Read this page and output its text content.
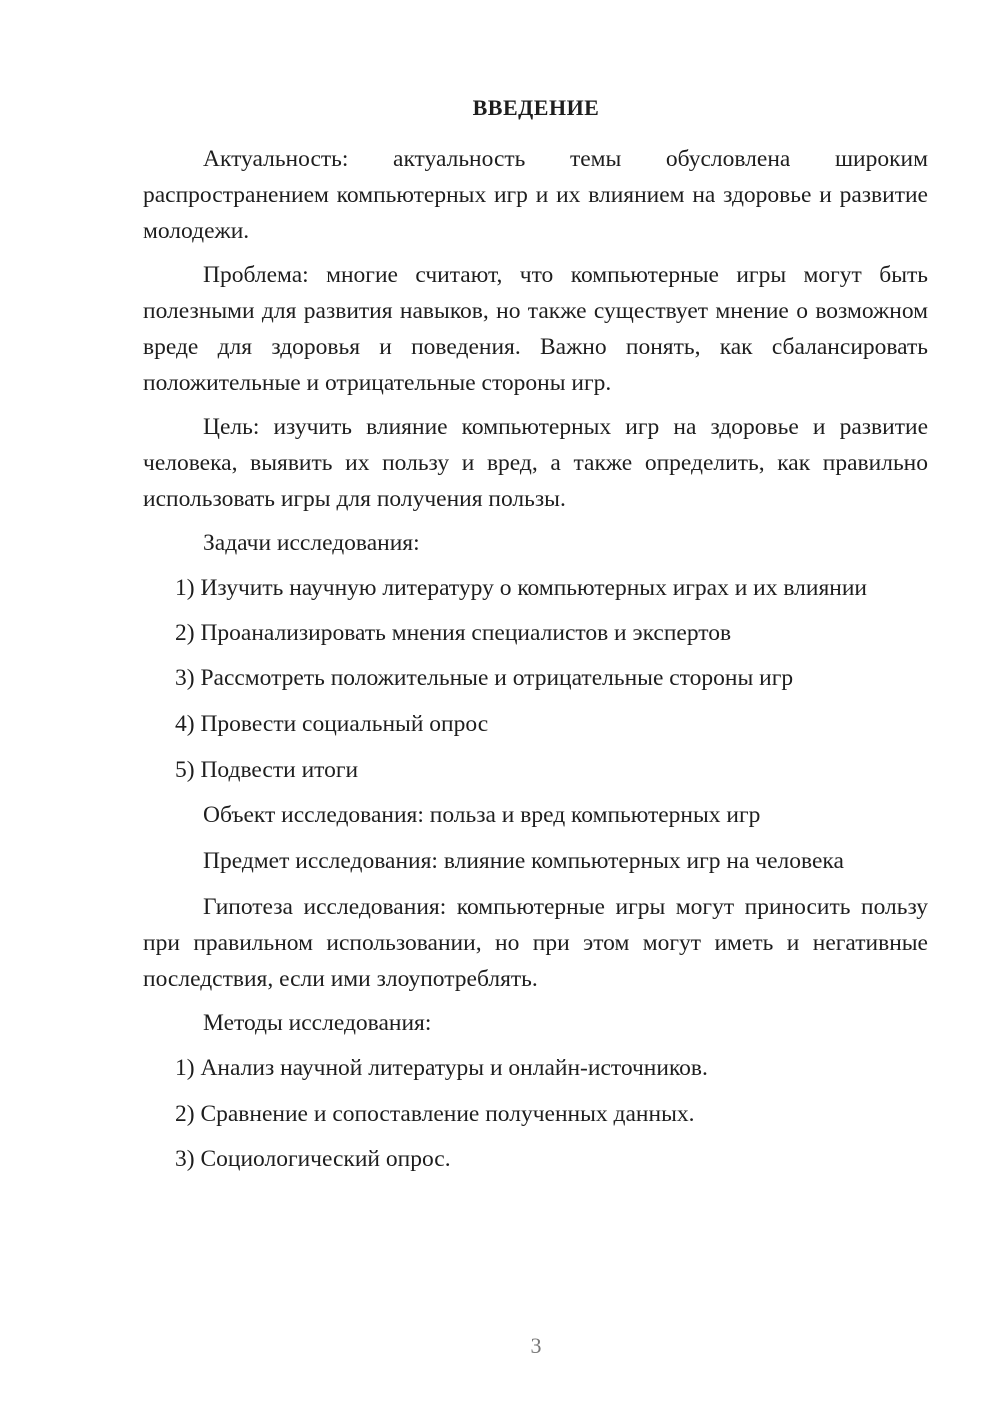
ВВЕДЕНИЕ

Актуальность: актуальность темы обусловлена широким распространением компьютерных игр и их влиянием на здоровье и развитие молодежи.

Проблема: многие считают, что компьютерные игры могут быть полезными для развития навыков, но также существует мнение о возможном вреде для здоровья и поведения. Важно понять, как сбалансировать положительные и отрицательные стороны игр.

Цель: изучить влияние компьютерных игр на здоровье и развитие человека, выявить их пользу и вред, а также определить, как правильно использовать игры для получения пользы.

Задачи исследования:
1) Изучить научную литературу о компьютерных играх и их влиянии
2) Проанализировать мнения специалистов и экспертов
3) Рассмотреть положительные и отрицательные стороны игр
4) Провести социальный опрос
5) Подвести итоги
Объект исследования: польза и вред компьютерных игр
Предмет исследования: влияние компьютерных игр на человека

Гипотеза исследования: компьютерные игры могут приносить пользу при правильном использовании, но при этом могут иметь и негативные последствия, если ими злоупотреблять.

Методы исследования:
1) Анализ научной литературы и онлайн-источников.
2) Сравнение и сопоставление полученных данных.
3) Социологический опрос.
3
